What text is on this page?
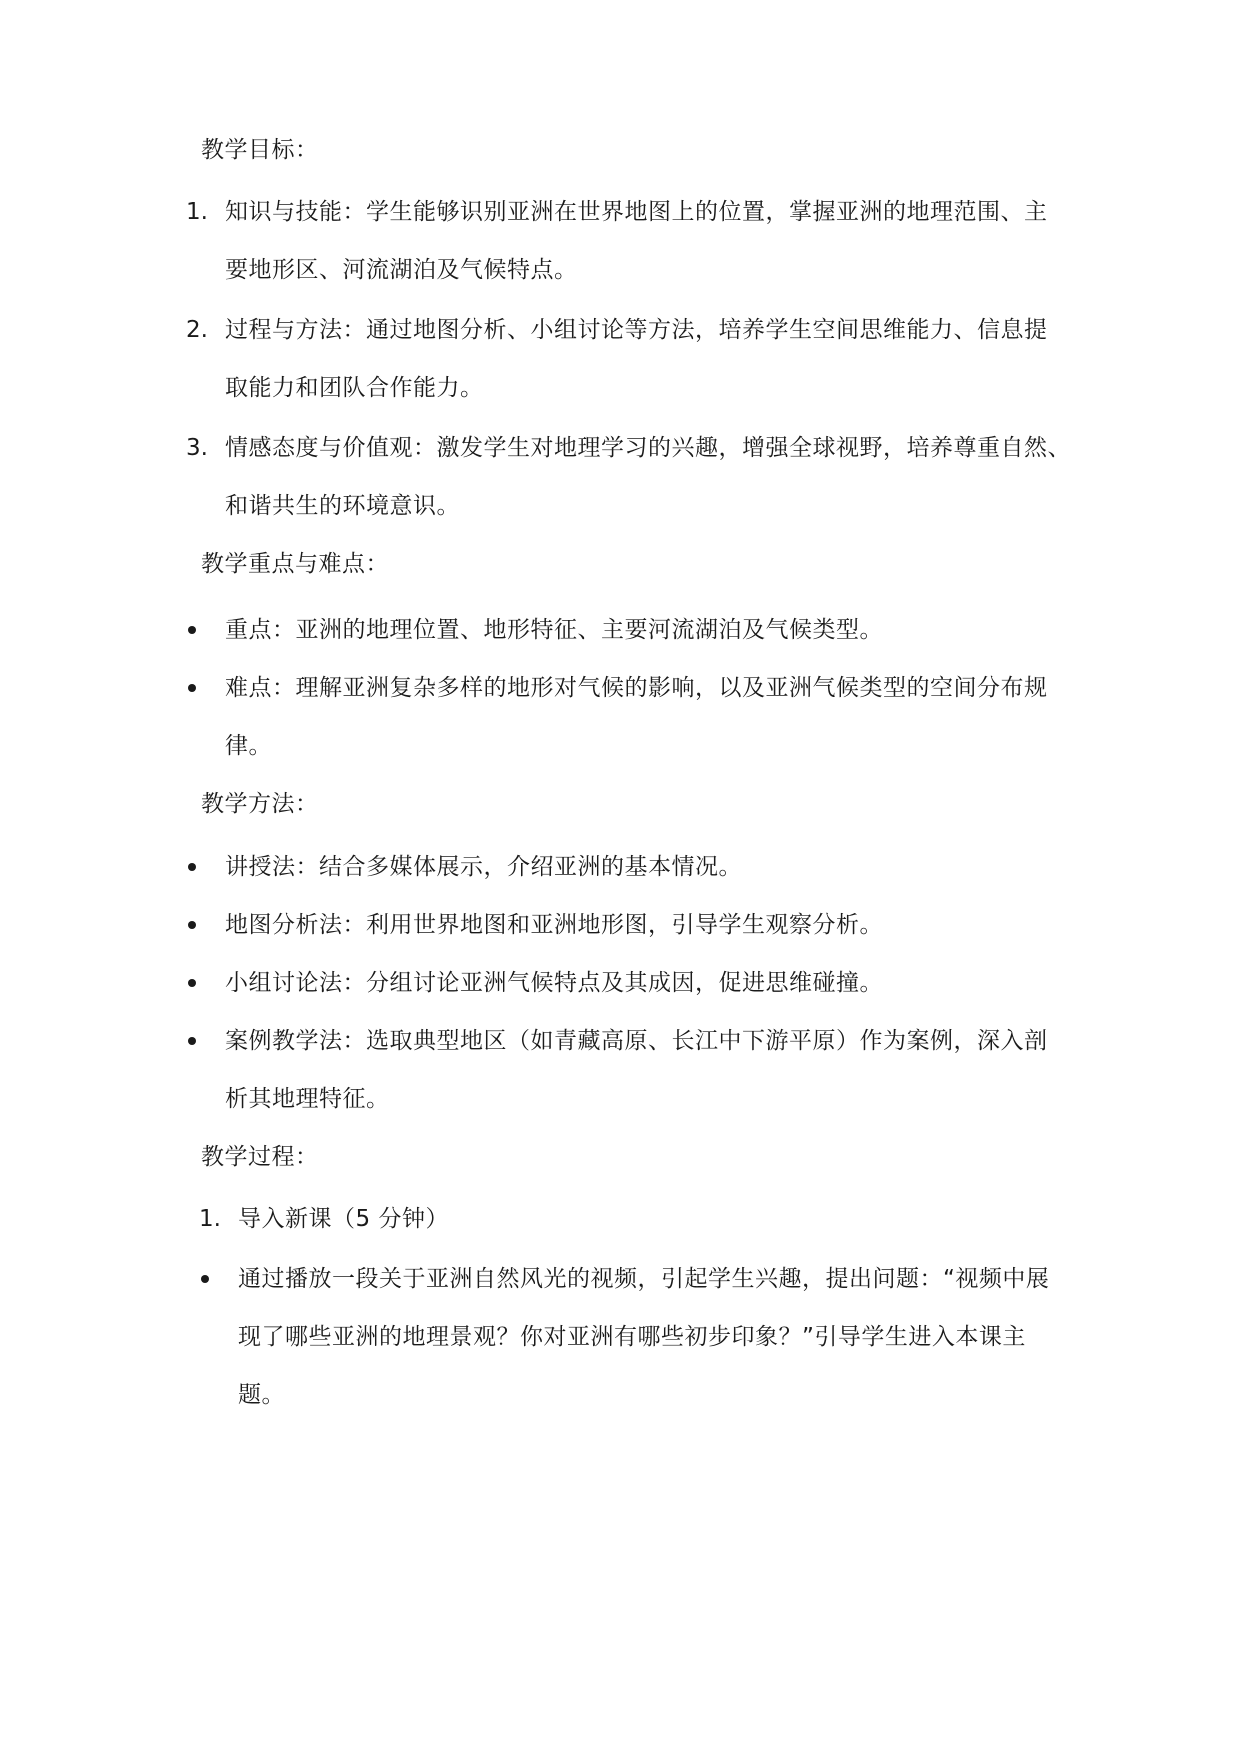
教学目标：
1. 知识与技能：学生能够识别亚洲在世界地图上的位置，掌握亚洲的地理范围、主
要地形区、河流湖泊及气候特点。
2. 过程与方法：通过地图分析、小组讨论等方法，培养学生空间思维能力、信息提
取能力和团队合作能力。
3. 情感态度与价值观：激发学生对地理学习的兴趣，增强全球视野，培养尊重自然、
和谐共生的环境意识。
教学重点与难点：
重点：亚洲的地理位置、地形特征、主要河流湖泊及气候类型。
难点：理解亚洲复杂多样的地形对气候的影响，以及亚洲气候类型的空间分布规
律。
教学方法：
讲授法：结合多媒体展示，介绍亚洲的基本情况。
地图分析法：利用世界地图和亚洲地形图，引导学生观察分析。
小组讨论法：分组讨论亚洲气候特点及其成因，促进思维碰撞。
案例教学法：选取典型地区（如青藏高原、长江中下游平原）作为案例，深入剖
析其地理特征。
教学过程：
1. 导入新课（5 分钟）
通过播放一段关于亚洲自然风光的视频，引起学生兴趣，提出问题：“视频中展
现了哪些亚洲的地理景观？你对亚洲有哪些初步印象？”引导学生进入本课主
题。
